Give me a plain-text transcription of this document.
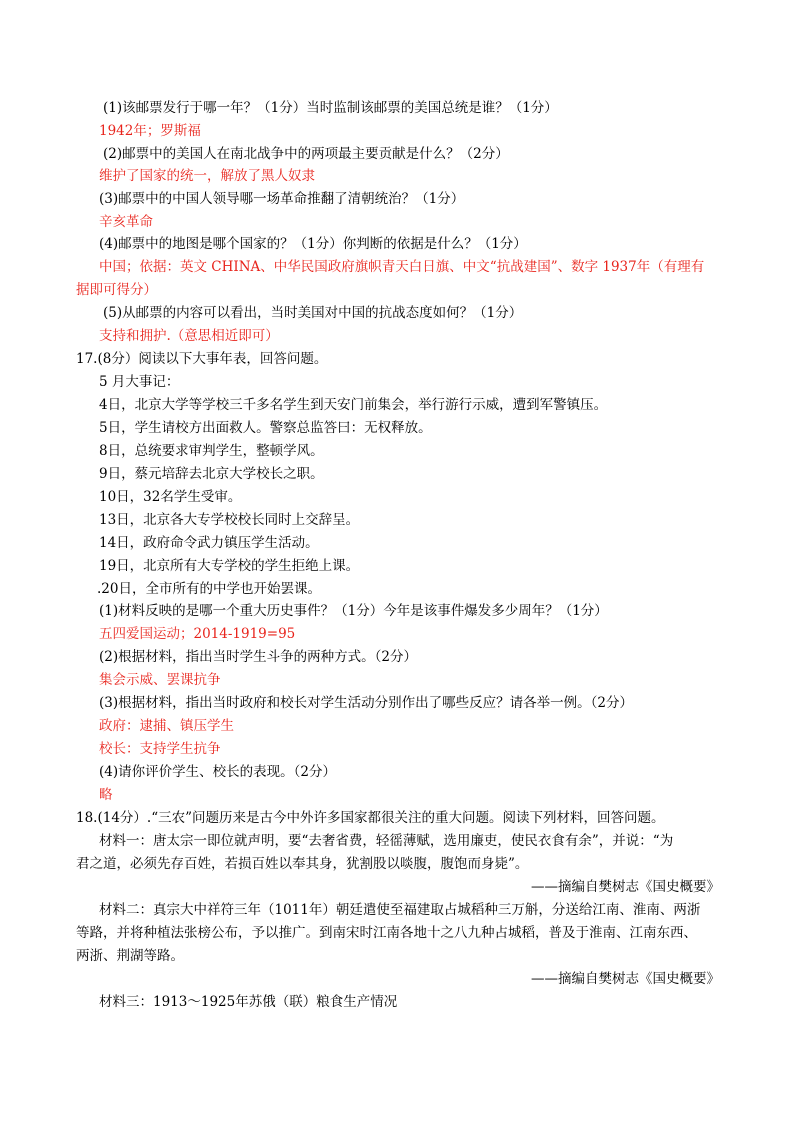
(1)该邮票发行于哪一年？（1分）当时监制该邮票的美国总统是谁？（1分）
1942年；罗斯福
(2)邮票中的美国人在南北战争中的两项最主要贡献是什么？（2分）
维护了国家的统一，解放了黑人奴隶
(3)邮票中的中国人领导哪一场革命推翻了清朝统治？（1分）
辛亥革命
(4)邮票中的地图是哪个国家的？（1分）你判断的依据是什么？（1分）
中国；依据：英文 CHINA、中华民国政府旗帜青天白日旗、中文“抗战建国”、数字 1937年（有理有
据即可得分）
(5)从邮票的内容可以看出，当时美国对中国的抗战态度如何？（1分）
支持和拥护.（意思相近即可）
17.(8分）阅读以下大事年表，回答问题。
5 月大事记：
4日，北京大学等学校三千多名学生到天安门前集会，举行游行示威，遭到军警镇压。
5日，学生请校方出面救人。警察总监答曰：无权释放。
8日，总统要求审判学生，整顿学风。
9日，蔡元培辞去北京大学校长之职。
10日，32名学生受审。
13日，北京各大专学校校长同时上交辞呈。
14日，政府命令武力镇压学生活动。
19日，北京所有大专学校的学生拒绝上课。
.20日，全市所有的中学也开始罢课。
(1)材料反映的是哪一个重大历史事件？（1分）今年是该事件爆发多少周年？（1分）
五四爱国运动；2014-1919=95
(2)根据材料，指出当时学生斗争的两种方式。（2分）
集会示威、罢课抗争
(3)根据材料，指出当时政府和校长对学生活动分别作出了哪些反应？请各举一例。（2分）
政府：逮捕、镇压学生
校长：支持学生抗争
(4)请你评价学生、校长的表现。（2分）
略
18.(14分）.“三农”问题历来是古今中外许多国家都很关注的重大问题。阅读下列材料，回答问题。
材料一：唐太宗一即位就声明，要“去奢省费，轻徭薄赋，选用廉吏，使民衣食有余”，并说：“为
君之道，必须先存百姓，若损百姓以奉其身，犹割股以啖腹，腹饱而身毙”。
——摘编自樊树志《国史概要》
材料二：真宗大中祥符三年（1011年）朝廷遣使至福建取占城稻种三万斛，分送给江南、淮南、两浙
等路，并将种植法张榜公布，予以推广。到南宋时江南各地十之八九种占城稻，普及于淮南、江南东西、
两浙、荆湖等路。
——摘编自樊树志《国史概要》
材料三：1913～1925年苏俄（联）粮食生产情况
